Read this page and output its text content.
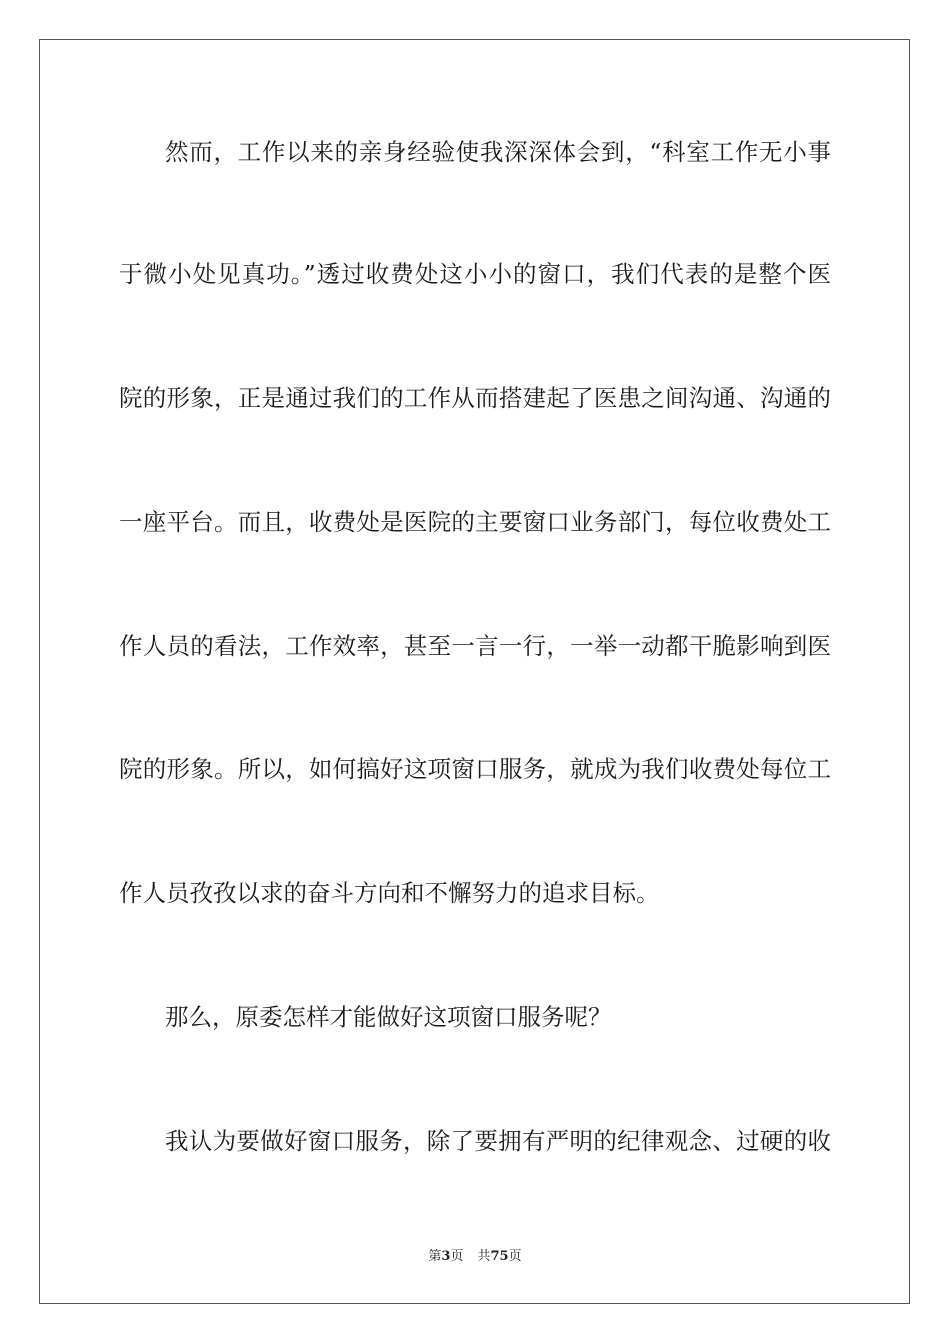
然而，工作以来的亲身经验使我深深体会到，“科室工作无小事
于微小处见真功。”透过收费处这小小的窗口，我们代表的是整个医
院的形象，正是通过我们的工作从而搭建起了医患之间沟通、沟通的
一座平台。而且，收费处是医院的主要窗口业务部门，每位收费处工
作人员的看法，工作效率，甚至一言一行，一举一动都干脆影响到医
院的形象。所以，如何搞好这项窗口服务，就成为我们收费处每位工
作人员孜孜以求的奋斗方向和不懈努力的追求目标。
那么，原委怎样才能做好这项窗口服务呢？
我认为要做好窗口服务，除了要拥有严明的纪律观念、过硬的收
第3页 共75页
